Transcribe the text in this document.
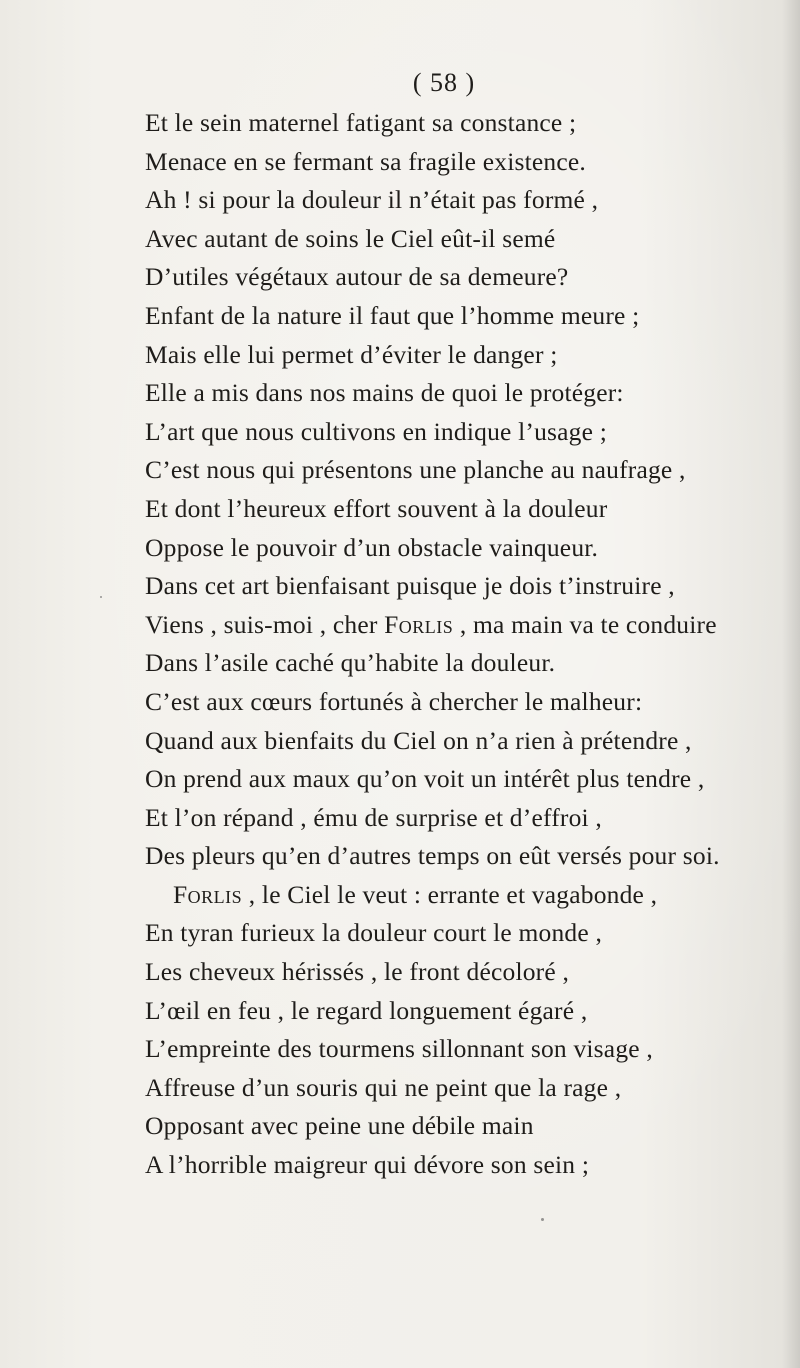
( 58 )
Et le sein maternel fatigant sa constance ;
Menace en se fermant sa fragile existence.
Ah ! si pour la douleur il n’était pas formé ,
Avec autant de soins le Ciel eût-il semé
D’utiles végétaux autour de sa demeure?
Enfant de la nature il faut que l’homme meure ;
Mais elle lui permet d’éviter le danger ;
Elle a mis dans nos mains de quoi le protéger:
L’art que nous cultivons en indique l’usage ;
C’est nous qui présentons une planche au naufrage ,
Et dont l’heureux effort souvent à la douleur
Oppose le pouvoir d’un obstacle vainqueur.
Dans cet art bienfaisant puisque je dois t’instruire ,
Viens , suis-moi , cher Forlis , ma main va te conduire
Dans l’asile caché qu’habite la douleur.
C’est aux cœurs fortunés à chercher le malheur:
Quand aux bienfaits du Ciel on n’a rien à prétendre ,
On prend aux maux qu’on voit un intérêt plus tendre ,
Et l’on répand , ému de surprise et d’effroi ,
Des pleurs qu’en d’autres temps on eût versés pour soi.
Forlis , le Ciel le veut : errante et vagabonde ,
En tyran furieux la douleur court le monde ,
Les cheveux hérissés , le front décoloré ,
L’œil en feu , le regard longuement égaré ,
L’empreinte des tourmens sillonnant son visage ,
Affreuse d’un souris qui ne peint que la rage ,
Opposant avec peine une débile main
A l’horrible maigreur qui dévore son sein ;
